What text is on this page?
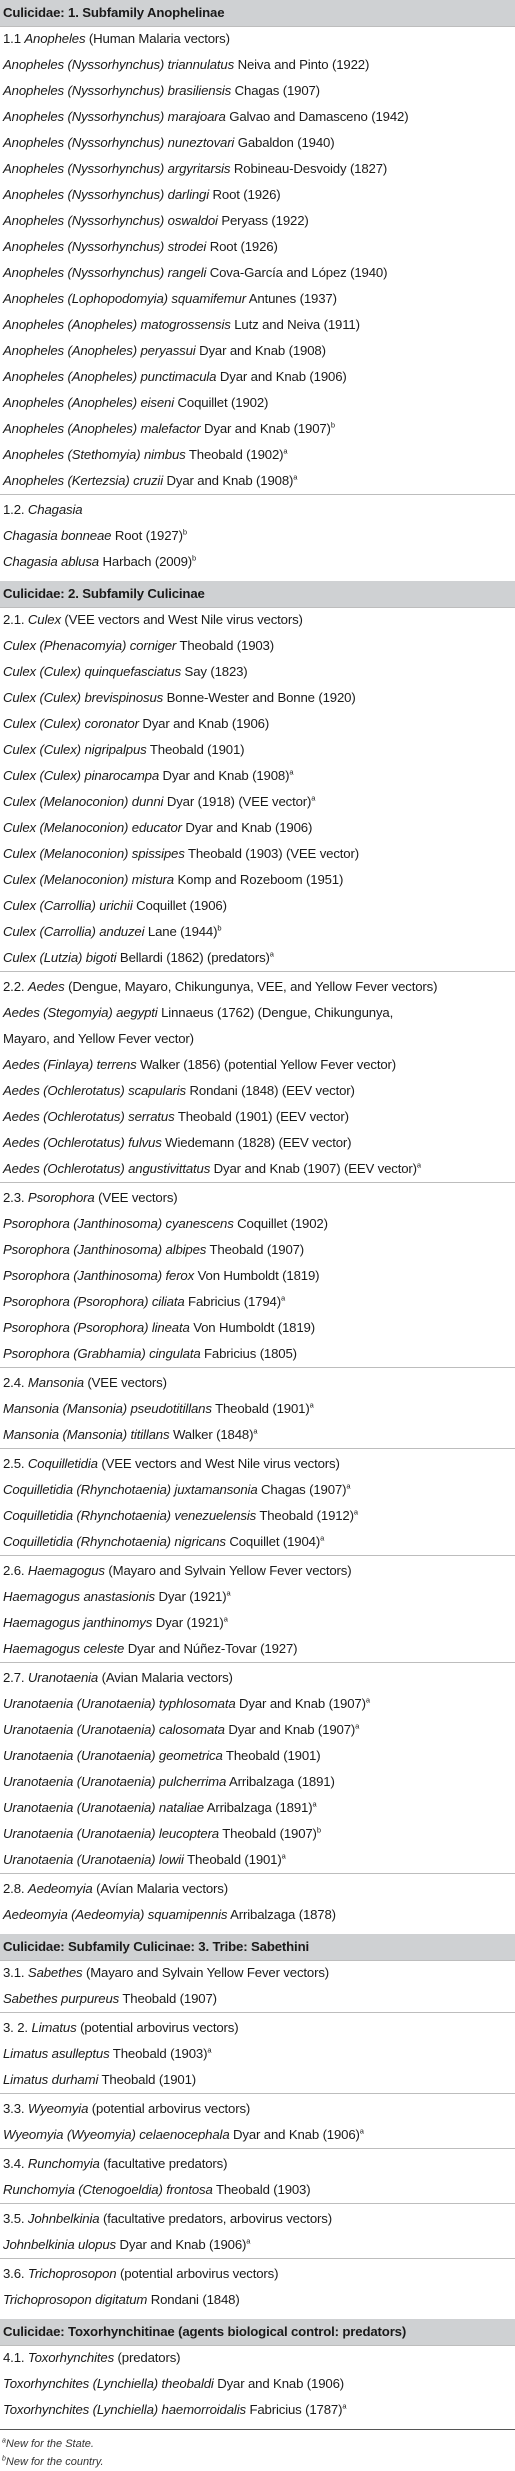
Culicidae: 1. Subfamily Anophelinae
1.1 Anopheles (Human Malaria vectors)
Anopheles (Nyssorhynchus) triannulatus Neiva and Pinto (1922)
Anopheles (Nyssorhynchus) brasiliensis Chagas (1907)
Anopheles (Nyssorhynchus) marajoara Galvao and Damasceno (1942)
Anopheles (Nyssorhynchus) nuneztovari Gabaldon (1940)
Anopheles (Nyssorhynchus) argyritarsis Robineau-Desvoidy (1827)
Anopheles (Nyssorhynchus) darlingi Root (1926)
Anopheles (Nyssorhynchus) oswaldoi Peryass (1922)
Anopheles (Nyssorhynchus) strodei Root (1926)
Anopheles (Nyssorhynchus) rangeli Cova-García and López (1940)
Anopheles (Lophopodomyia) squamifemur Antunes (1937)
Anopheles (Anopheles) matogrossensis Lutz and Neiva (1911)
Anopheles (Anopheles) peryassui Dyar and Knab (1908)
Anopheles (Anopheles) punctimacula Dyar and Knab (1906)
Anopheles (Anopheles) eiseni Coquillet (1902)
Anopheles (Anopheles) malefactor Dyar and Knab $(1907)^b$
Anopheles (Stethomyia) nimbus Theobald $(1902)^a$
Anopheles (Kertezsia) cruzii Dyar and Knab $(1908)^a$
1.2. Chagasia
Chagasia bonneae Root $(1927)^b$
Chagasia ablusa Harbach $(2009)^b$
Culicidae: 2. Subfamily Culicinae
2.1. Culex (VEE vectors and West Nile virus vectors)
Culex (Phenacomyia) corniger Theobald (1903)
Culex (Culex) quinquefasciatus Say (1823)
Culex (Culex) brevispinosus Bonne-Wester and Bonne (1920)
Culex (Culex) coronator Dyar and Knab (1906)
Culex (Culex) nigripalpus Theobald (1901)
Culex (Culex) pinarocampa Dyar and Knab $(1908)^a$
Culex (Melanoconion) dunni Dyar (1918) (VEE vector)$^a$
Culex (Melanoconion) educator Dyar and Knab (1906)
Culex (Melanoconion) spissipes Theobald (1903) (VEE vector)
Culex (Melanoconion) mistura Komp and Rozeboom (1951)
Culex (Carrollia) urichii Coquillet (1906)
Culex (Carrollia) anduzei Lane $(1944)^b$
Culex (Lutzia) bigoti Bellardi (1862) (predators)$^a$
2.2. Aedes (Dengue, Mayaro, Chikungunya, VEE, and Yellow Fever vectors)
Aedes (Stegomyia) aegypti Linnaeus (1762) (Dengue, Chikungunya,
Mayaro, and Yellow Fever vector)
Aedes (Finlaya) terrens Walker (1856) (potential Yellow Fever vector)
Aedes (Ochlerotatus) scapularis Rondani (1848) (EEV vector)
Aedes (Ochlerotatus) serratus Theobald (1901) (EEV vector)
Aedes (Ochlerotatus) fulvus Wiedemann (1828) (EEV vector)
Aedes (Ochlerotatus) angustivittatus Dyar and Knab (1907) (EEV vector)$^a$
2.3. Psorophora (VEE vectors)
Psorophora (Janthinosoma) cyanescens Coquillet (1902)
Psorophora (Janthinosoma) albipes Theobald (1907)
Psorophora (Janthinosoma) ferox Von Humboldt (1819)
Psorophora (Psorophora) ciliata Fabricius $(1794)^a$
Psorophora (Psorophora) lineata Von Humboldt (1819)
Psorophora (Grabhamia) cingulata Fabricius (1805)
2.4. Mansonia (VEE vectors)
Mansonia (Mansonia) pseudotitillans Theobald $(1901)^a$
Mansonia (Mansonia) titillans Walker $(1848)^a$
2.5. Coquilletidia (VEE vectors and West Nile virus vectors)
Coquilletidia (Rhynchotaenia) juxtamansonia Chagas $(1907)^a$
Coquilletidia (Rhynchotaenia) venezuelensis Theobald $(1912)^a$
Coquilletidia (Rhynchotaenia) nigricans Coquillet $(1904)^a$
2.6. Haemagogus (Mayaro and Sylvain Yellow Fever vectors)
Haemagogus anastasionis Dyar $(1921)^a$
Haemagogus janthinomys Dyar $(1921)^a$
Haemagogus celeste Dyar and Núñez-Tovar (1927)
2.7. Uranotaenia (Avian Malaria vectors)
Uranotaenia (Uranotaenia) typhlosomata Dyar and Knab $(1907)^a$
Uranotaenia (Uranotaenia) calosomata Dyar and Knab $(1907)^a$
Uranotaenia (Uranotaenia) geometrica Theobald (1901)
Uranotaenia (Uranotaenia) pulcherrima Arribalzaga (1891)
Uranotaenia (Uranotaenia) nataliae Arribalzaga $(1891)^a$
Uranotaenia (Uranotaenia) leucoptera Theobald $(1907)^b$
Uranotaenia (Uranotaenia) lowii Theobald $(1901)^a$
2.8. Aedeomyia (Avían Malaria vectors)
Aedeomyia (Aedeomyia) squamipennis Arribalzaga (1878)
Culicidae: Subfamily Culicinae: 3. Tribe: Sabethini
3.1. Sabethes (Mayaro and Sylvain Yellow Fever vectors)
Sabethes purpureus Theobald (1907)
3. 2. Limatus (potential arbovirus vectors)
Limatus asulleptus Theobald $(1903)^a$
Limatus durhami Theobald (1901)
3.3. Wyeomyia (potential arbovirus vectors)
Wyeomyia (Wyeomyia) celaenocephala Dyar and Knab $(1906)^a$
3.4. Runchomyia (facultative predators)
Runchomyia (Ctenogoeldia) frontosa Theobald (1903)
3.5. Johnbelkinia (facultative predators, arbovirus vectors)
Johnbelkinia ulopus Dyar and Knab $(1906)^a$
3.6. Trichoprosopon (potential arbovirus vectors)
Trichoprosopon digitatum Rondani (1848)
Culicidae: Toxorhynchitinae (agents biological control: predators)
4.1. Toxorhynchites (predators)
Toxorhynchites (Lynchiella) theobaldi Dyar and Knab (1906)
Toxorhynchites (Lynchiella) haemorroidalis Fabricius $(1787)^a$
$^a$New for the State.
$^b$New for the country.
